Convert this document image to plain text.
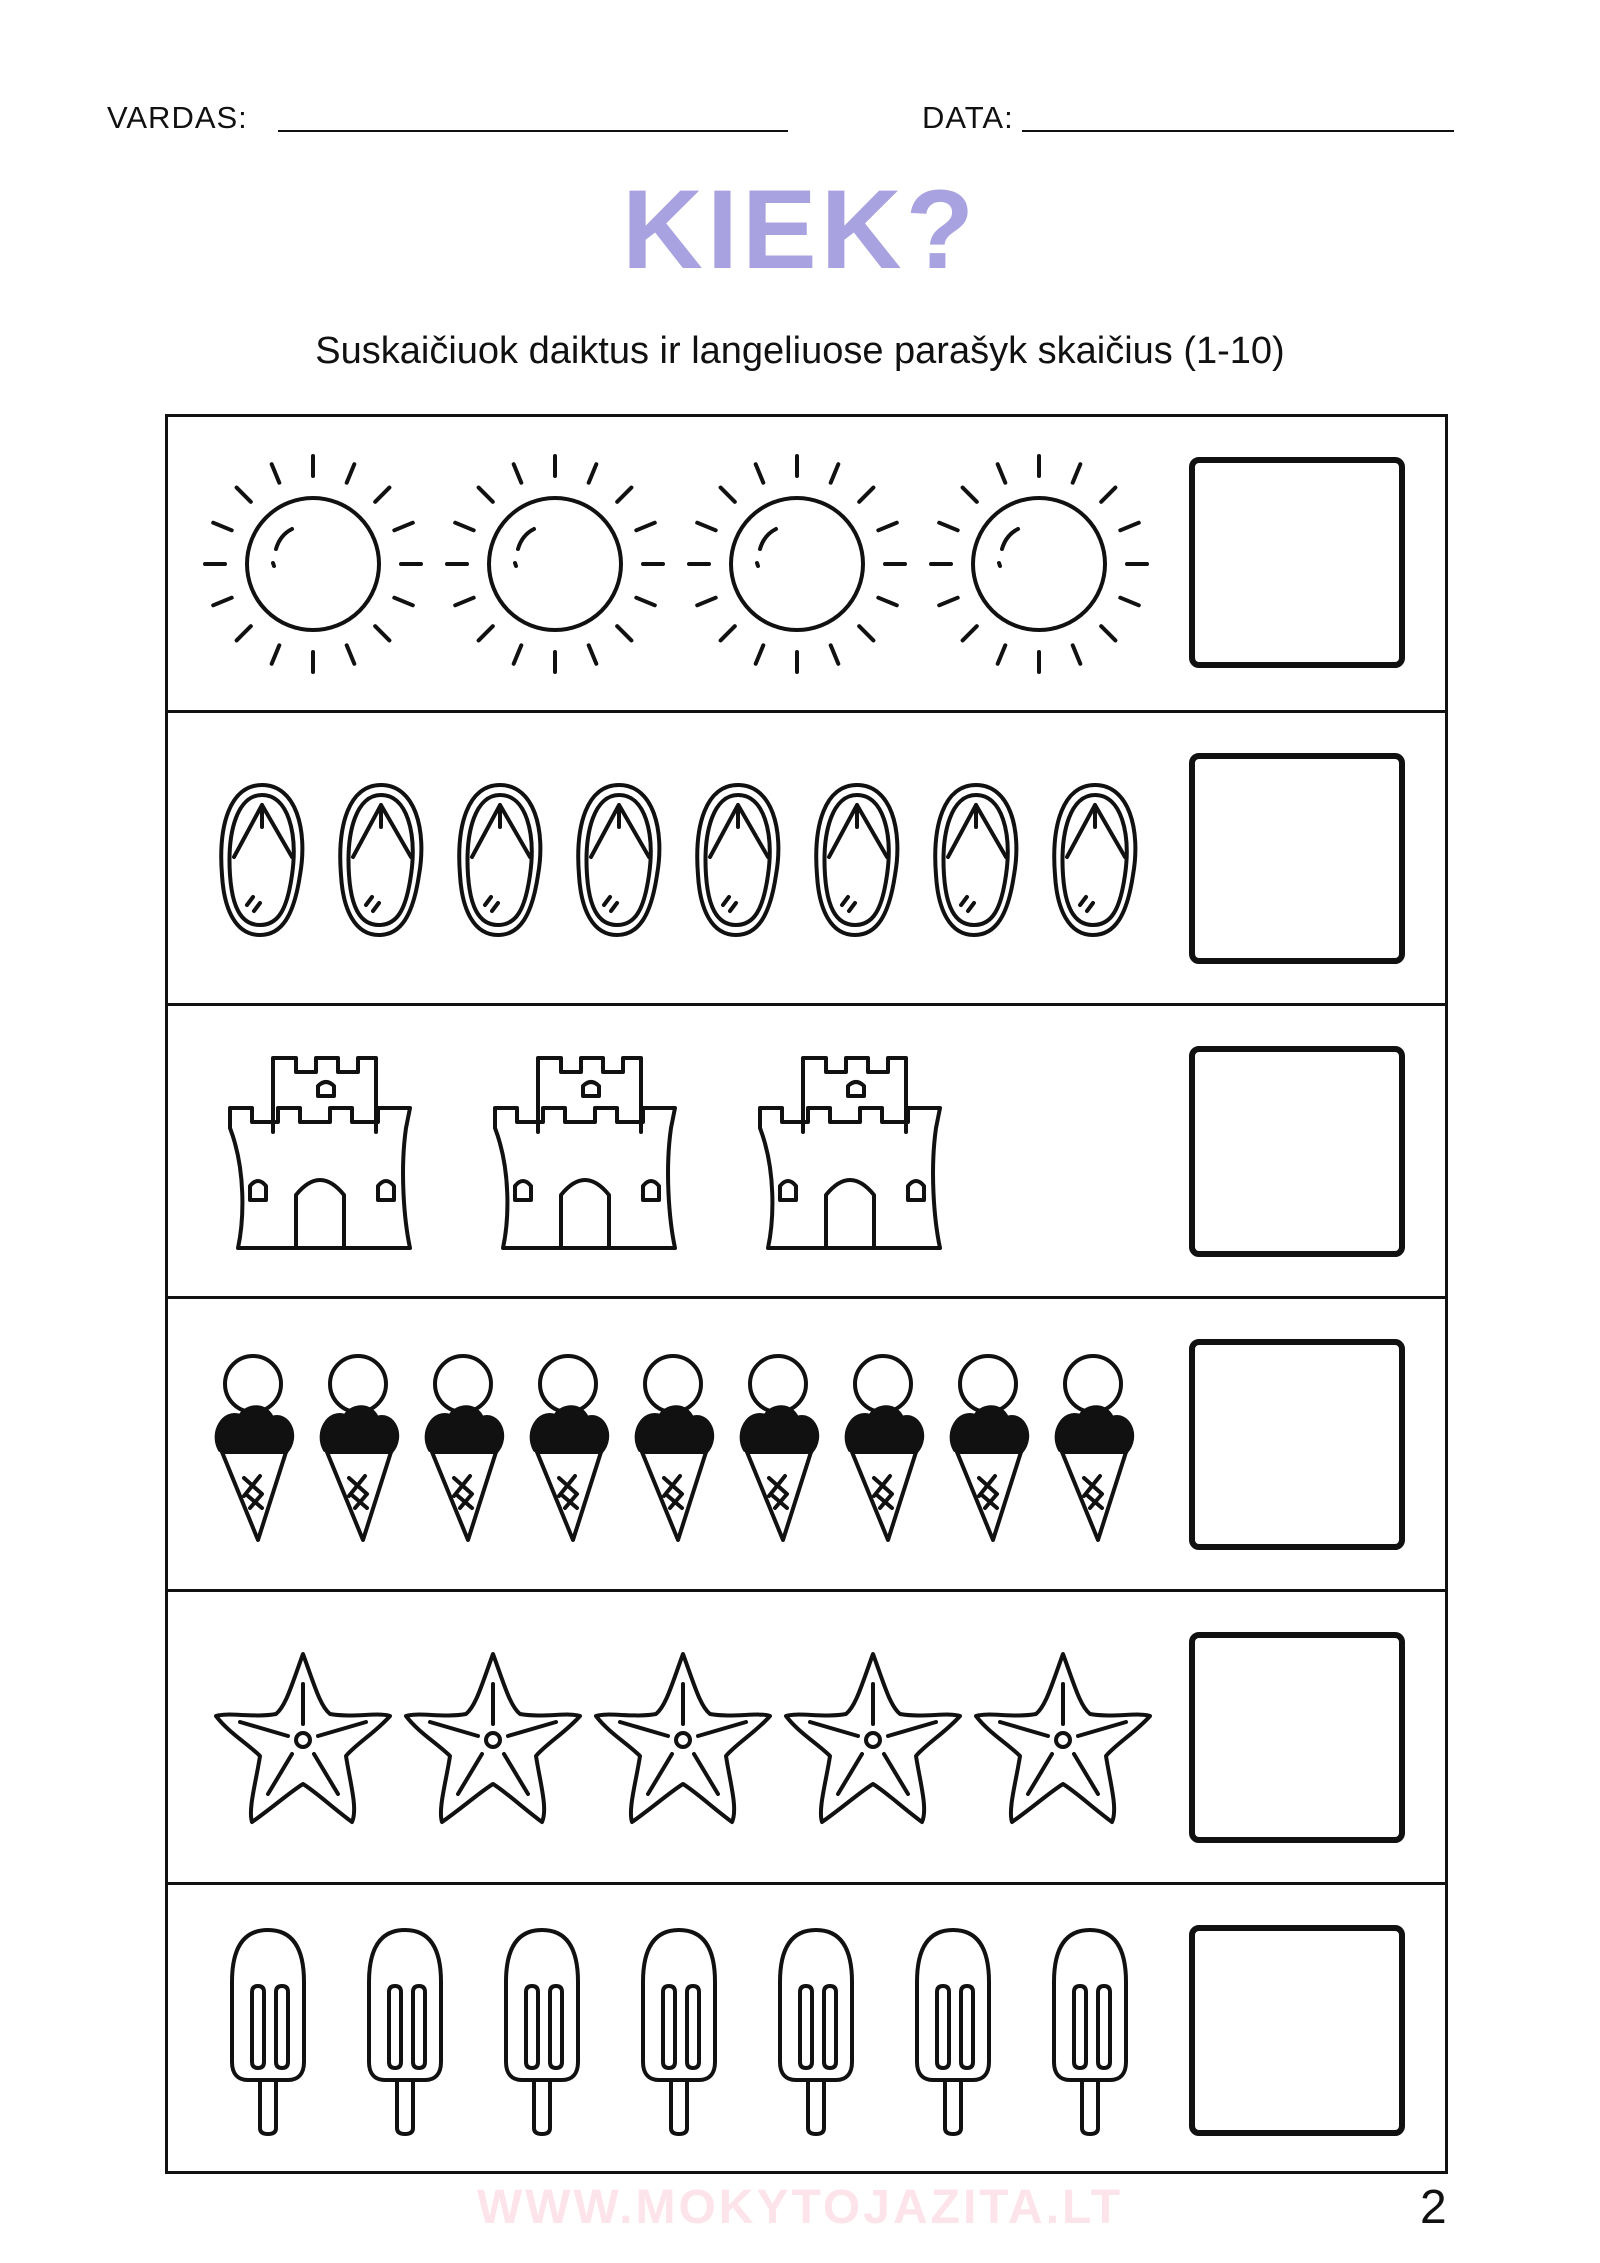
VARDAS:	DATA:
KIEK?
Suskaičiuok daiktus ir langeliuose parašyk skaičius (1-10)
WWW.MOKYTOJAZITA.LT	2
